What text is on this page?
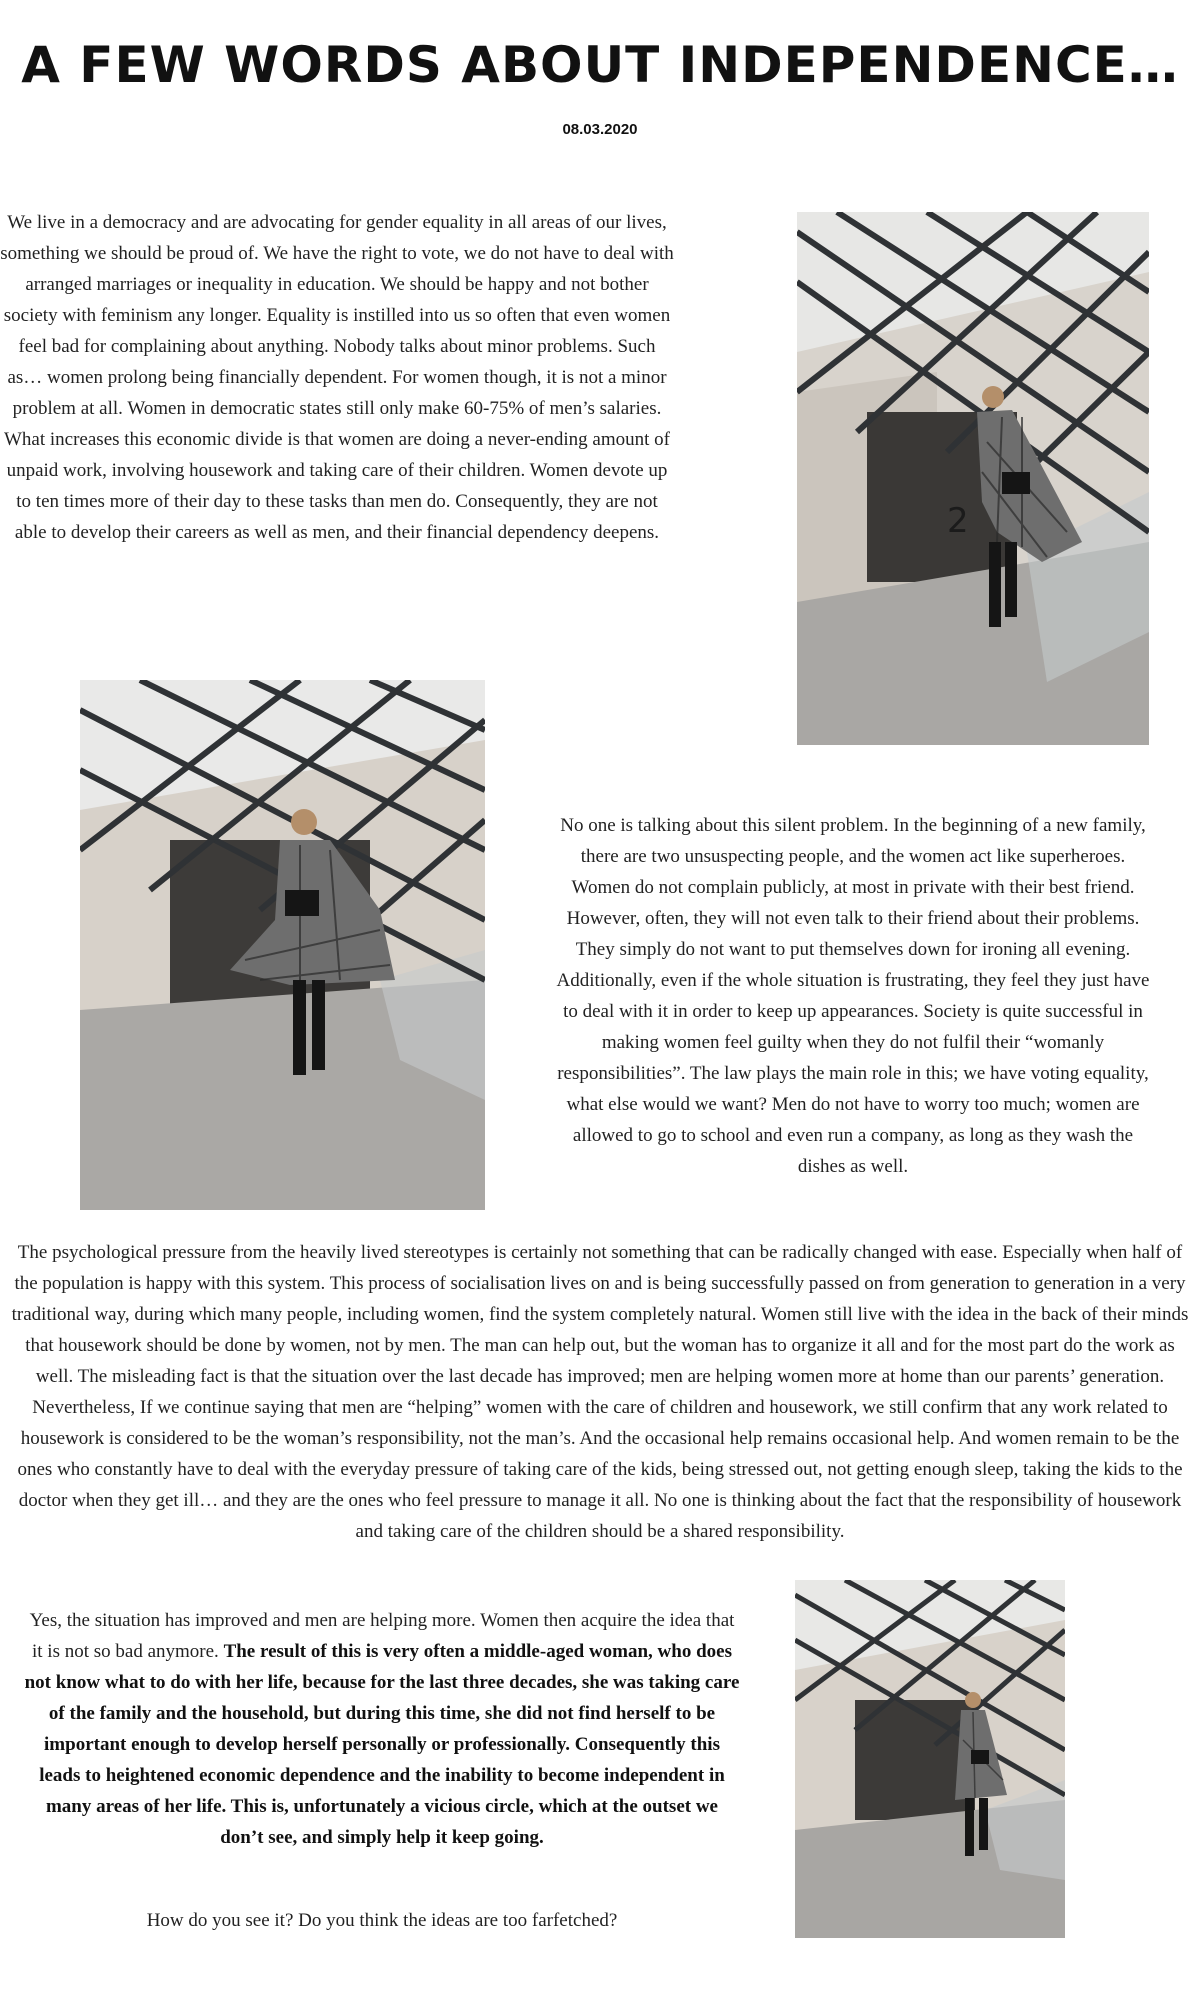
A FEW WORDS ABOUT INDEPENDENCE…
08.03.2020

We live in a democracy and are advocating for gender equality in all areas of our lives, something we should be proud of. We have the right to vote, we do not have to deal with arranged marriages or inequality in education. We should be happy and not bother society with feminism any longer. Equality is instilled into us so often that even women feel bad for complaining about anything. Nobody talks about minor problems. Such as… women prolong being financially dependent. For women though, it is not a minor problem at all. Women in democratic states still only make 60-75% of men’s salaries. What increases this economic divide is that women are doing a never-ending amount of unpaid work, involving housework and taking care of their children. Women devote up to ten times more of their day to these tasks than men do. Consequently, they are not able to develop their careers as well as men, and their financial dependency deepens.	2

No one is talking about this silent problem. In the beginning of a new family, there are two unsuspecting people, and the women act like superheroes. Women do not complain publicly, at most in private with their best friend. However, often, they will not even talk to their friend about their problems. They simply do not want to put themselves down for ironing all evening. Additionally, even if the whole situation is frustrating, they feel they just have to deal with it in order to keep up appearances. Society is quite successful in making women feel guilty when they do not fulfil their “womanly responsibilities”. The law plays the main role in this; we have voting equality, what else would we want? Men do not have to worry too much; women are allowed to go to school and even run a company, as long as they wash the dishes as well.

The psychological pressure from the heavily lived stereotypes is certainly not something that can be radically changed with ease. Especially when half of the population is happy with this system. This process of socialisation lives on and is being successfully passed on from generation to generation in a very traditional way, during which many people, including women, find the system completely natural. Women still live with the idea in the back of their minds that housework should be done by women, not by men. The man can help out, but the woman has to organize it all and for the most part do the work as well. The misleading fact is that the situation over the last decade has improved; men are helping women more at home than our parents’ generation. Nevertheless, If we continue saying that men are “helping” women with the care of children and housework, we still confirm that any work related to housework is considered to be the woman’s responsibility, not the man’s. And the occasional help remains occasional help. And women remain to be the ones who constantly have to deal with the everyday pressure of taking care of the kids, being stressed out, not getting enough sleep, taking the kids to the doctor when they get ill… and they are the ones who feel pressure to manage it all. No one is thinking about the fact that the responsibility of housework and taking care of the children should be a shared responsibility.

Yes, the situation has improved and men are helping more. Women then acquire the idea that it is not so bad anymore. The result of this is very often a middle-aged woman, who does not know what to do with her life, because for the last three decades, she was taking care of the family and the household, but during this time, she did not find herself to be important enough to develop herself personally or professionally. Consequently this leads to heightened economic dependence and the inability to become independent in many areas of her life. This is, unfortunately a vicious circle, which at the outset we don’t see, and simply help it keep going.

How do you see it? Do you think the ideas are too farfetched?
